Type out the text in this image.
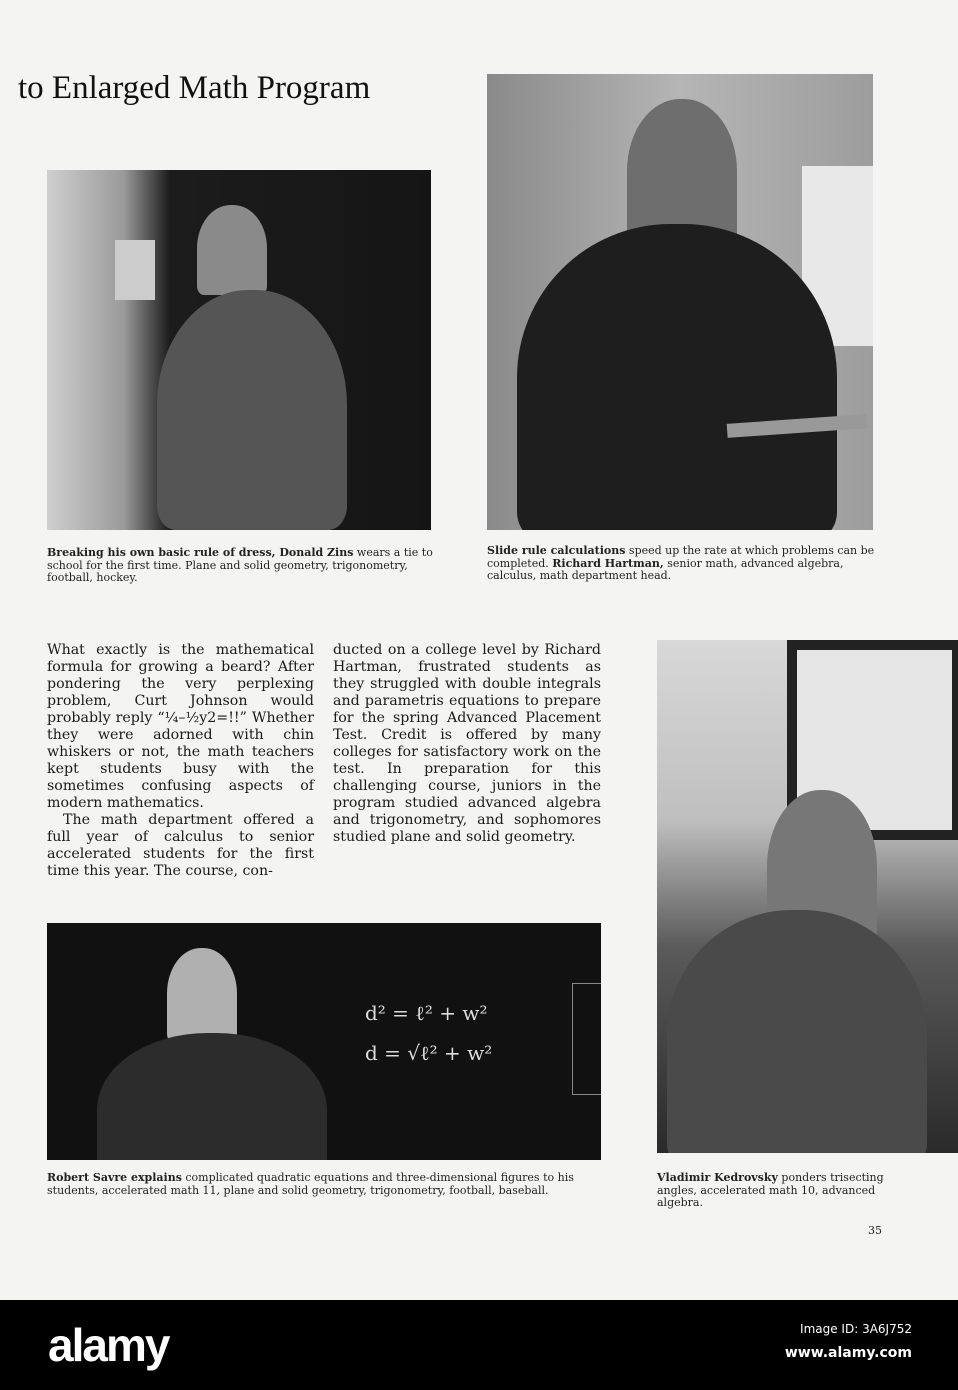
to Enlarged Math Program
d² = ℓ² + w²
d = √ℓ² + w²
Breaking his own basic rule of dress, Donald Zins wears a tie to school for the first time. Plane and solid geometry, trigonometry, football, hockey.
Slide rule calculations speed up the rate at which problems can be completed. Richard Hartman, senior math, advanced algebra, calculus, math department head.

What exactly is the mathematical formula for growing a beard? After pondering the very perplexing problem, Curt Johnson would probably reply “¼–½y2=!!” Whether they were adorned with chin whiskers or not, the math teachers kept students busy with the sometimes confusing aspects of modern mathematics.

The math department offered a full year of calculus to senior accelerated students for the first time this year. The course, con-

ducted on a college level by Richard Hartman, frustrated students as they struggled with double integrals and parametris equations to prepare for the spring Advanced Placement Test. Credit is offered by many colleges for satisfactory work on the test. In preparation for this challenging course, juniors in the program studied advanced algebra and trigonometry, and sophomores studied plane and solid geometry.

Robert Savre explains complicated quadratic equations and three-dimensional figures to his students, accelerated math 11, plane and solid geometry, trigonometry, football, baseball.
Vladimir Kedrovsky ponders trisecting angles, accelerated math 10, advanced algebra.
35
alamy	Image ID: 3A6J752
www.alamy.com
